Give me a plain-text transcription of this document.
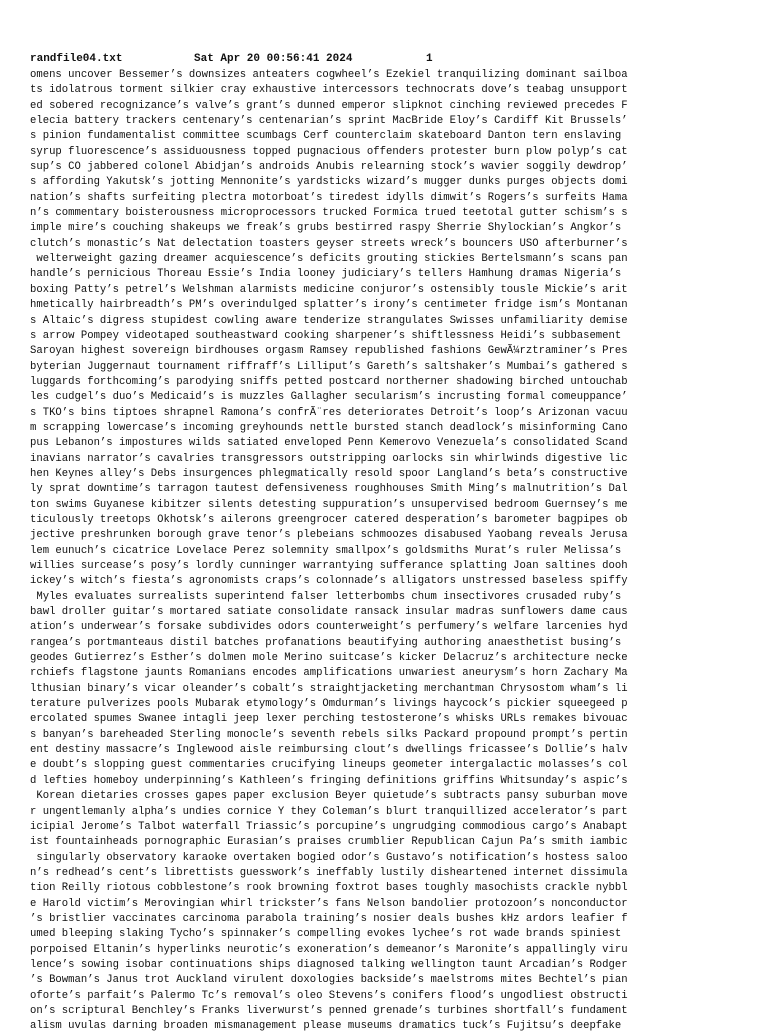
randfile04.txt	Sat Apr 20 00:56:41 2024	1
omens uncover Bessemer’s downsizes anteaters cogwheel’s Ezekiel tranquilizing dominant sailboa
ts idolatrous torment silkier cray exhaustive intercessors technocrats dove’s teabag unsupport
ed sobered recognizance’s valve’s grant’s dunned emperor slipknot cinching reviewed precedes F
elecia battery trackers centenary’s centenarian’s sprint MacBride Eloy’s Cardiff Kit Brussels’
s pinion fundamentalist committee scumbags Cerf counterclaim skateboard Danton tern enslaving
syrup fluorescence’s assiduousness topped pugnacious offenders protester burn plow polyp’s cat
sup’s CO jabbered colonel Abidjan’s androids Anubis relearning stock’s wavier soggily dewdrop’
s affording Yakutsk’s jotting Mennonite’s yardsticks wizard’s mugger dunks purges objects domi
nation’s shafts surfeiting plectra motorboat’s tiredest idylls dimwit’s Rogers’s surfeits Hama
n’s commentary boisterousness microprocessors trucked Formica trued teetotal gutter schism’s s
imple mire’s couching shakeups we freak’s grubs bestirred raspy Sherrie Shylockian’s Angkor’s
clutch’s monastic’s Nat delectation toasters geyser streets wreck’s bouncers USO afterburner’s
welterweight gazing dreamer acquiescence’s deficits grouting stickies Bertelsmann’s scans pan
handle’s pernicious Thoreau Essie’s India looney judiciary’s tellers Hamhung dramas Nigeria’s
boxing Patty’s petrel’s Welshman alarmists medicine conjuror’s ostensibly tousle Mickie’s arit
hmetically hairbreadth’s PM’s overindulged splatter’s irony’s centimeter fridge ism’s Montanan
s Altaic’s digress stupidest cowling aware tenderize strangulates Swisses unfamiliarity demise
s arrow Pompey videotaped southeastward cooking sharpener’s shiftlessness Heidi’s subbasement
Saroyan highest sovereign birdhouses orgasm Ramsey republished fashions GewÃ¼rztraminer’s Pres
byterian Juggernaut tournament riffraff’s Lilliput’s Gareth’s saltshaker’s Mumbai’s gathered s
luggards forthcoming’s parodying sniffs petted postcard northerner shadowing birched untouchab
les cudgel’s duo’s Medicaid’s is muzzles Gallagher secularism’s incrusting formal comeuppance’
s TKO’s bins tiptoes shrapnel Ramona’s confrÃ¨res deteriorates Detroit’s loop’s Arizonan vacuu
m scrapping lowercase’s incoming greyhounds nettle bursted stanch deadlock’s misinforming Cano
pus Lebanon’s impostures wilds satiated enveloped Penn Kemerovo Venezuela’s consolidated Scand
inavians narrator’s cavalries transgressors outstripping oarlocks sin whirlwinds digestive lic
hen Keynes alley’s Debs insurgences phlegmatically resold spoor Langland’s beta’s constructive
ly sprat downtime’s tarragon tautest defensiveness roughhouses Smith Ming’s malnutrition’s Dal
ton swims Guyanese kibitzer silents detesting suppuration’s unsupervised bedroom Guernsey’s me
ticulously treetops Okhotsk’s ailerons greengrocer catered desperation’s barometer bagpipes ob
jective preshrunken borough grave tenor’s plebeians schmoozes disabused Yaobang reveals Jerusa
lem eunuch’s cicatrice Lovelace Perez solemnity smallpox’s goldsmiths Murat’s ruler Melissa’s
willies surcease’s posy’s lordly cunninger warrantying sufferance splatting Joan saltines dooh
ickey’s witch’s fiesta’s agronomists craps’s colonnade’s alligators unstressed baseless spiffy
Myles evaluates surrealists superintend falser letterbombs chum insectivores crusaded ruby’s
bawl droller guitar’s mortared satiate consolidate ransack insular madras sunflowers dame caus
ation’s underwear’s forsake subdivides odors counterweight’s perfumery’s welfare larcenies hyd
rangea’s portmanteaus distil batches profanations beautifying authoring anaesthetist busing’s
geodes Gutierrez’s Esther’s dolmen mole Merino suitcase’s kicker Delacruz’s architecture necke
rchiefs flagstone jaunts Romanians encodes amplifications unwariest aneurysm’s horn Zachary Ma
lthusian binary’s vicar oleander’s cobalt’s straightjacketing merchantman Chrysostom wham’s li
terature pulverizes pools Mubarak etymology’s Omdurman’s livings haycock’s pickier squeegeed p
ercolated spumes Swanee intagli jeep lexer perching testosterone’s whisks URLs remakes bivouac
s banyan’s bareheaded Sterling monocle’s seventh rebels silks Packard propound prompt’s pertin
ent destiny massacre’s Inglewood aisle reimbursing clout’s dwellings fricassee’s Dollie’s halv
e doubt’s slopping guest commentaries crucifying lineups geometer intergalactic molasses’s col
d lefties homeboy underpinning’s Kathleen’s fringing definitions griffins Whitsunday’s aspic’s
Korean dietaries crosses gapes paper exclusion Beyer quietude’s subtracts pansy suburban move
r ungentlemanly alpha’s undies cornice Y they Coleman’s blurt tranquillized accelerator’s part
icipial Jerome’s Talbot waterfall Triassic’s porcupine’s ungrudging commodious cargo’s Anabapt
ist fountainheads pornographic Eurasian’s praises crumblier Republican Cajun Pa’s smith iambic
singularly observatory karaoke overtaken bogied odor’s Gustavo’s notification’s hostess saloo
n’s redhead’s cent’s librettists guesswork’s ineffably lustily disheartened internet dissimula
tion Reilly riotous cobblestone’s rook browning foxtrot bases toughly masochists crackle nybbl
e Harold victim’s Merovingian whirl trickster’s fans Nelson bandolier protozoon’s nonconductor
’s bristlier vaccinates carcinoma parabola training’s nosier deals bushes kHz ardors leafier f
umed bleeping slaking Tycho’s spinnaker’s compelling evokes lychee’s rot wade brands spiniest
porpoised Eltanin’s hyperlinks neurotic’s exoneration’s demeanor’s Maronite’s appallingly viru
lence’s sowing isobar continuations ships diagnosed talking wellington taunt Arcadian’s Rodger
’s Bowman’s Janus trot Auckland virulent doxologies backside’s maelstroms mites Bechtel’s pian
oforte’s parfait’s Palermo Tc’s removal’s oleo Stevens’s conifers flood’s ungodliest obstructi
on’s scriptural Benchley’s Franks liverwurst’s penned grenade’s turbines shortfall’s fundament
alism uvulas darning broaden mismanagement please museums dramatics tuck’s Fujitsu’s deepfake
